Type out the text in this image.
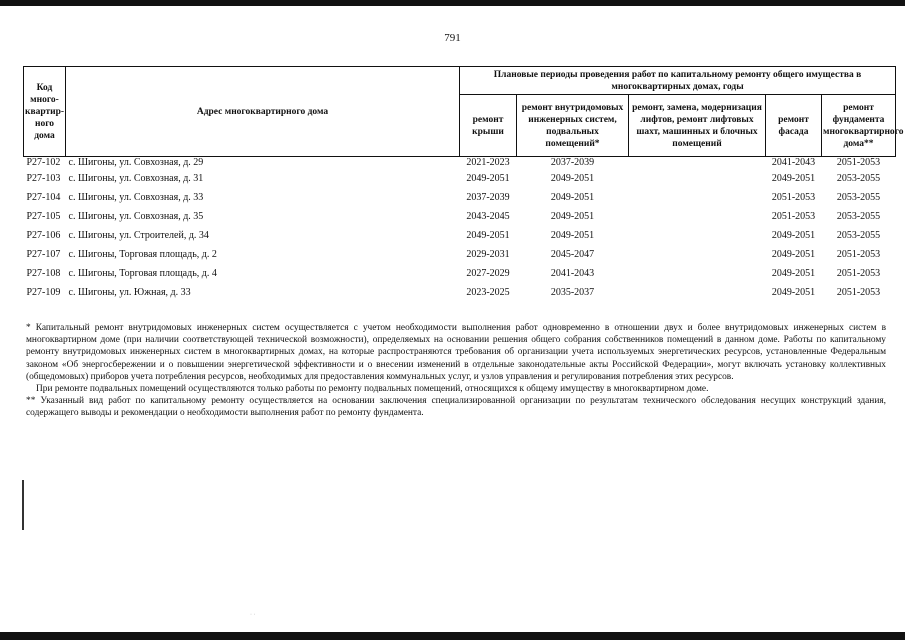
791
Код много-квартир-ного дома	Адрес многоквартирного дома	Плановые периоды проведения работ по капитальному ремонту общего имущества в многоквартирных домах, годы				
		ремонт крыши	ремонт внутридомовых инженерных систем, подвальных помещений*	ремонт, замена, модернизация лифтов, ремонт лифтовых шахт, машинных и блочных помещений	ремонт фасада	ремонт фундамента многоквартирного дома**
Р27-102	с. Шигоны, ул. Совхозная, д. 29	2021-2023	2037-2039		2041-2043	2051-2053
Р27-103	с. Шигоны, ул. Совхозная, д. 31	2049-2051	2049-2051		2049-2051	2053-2055
Р27-104	с. Шигоны, ул. Совхозная, д. 33	2037-2039	2049-2051		2051-2053	2053-2055
Р27-105	с. Шигоны, ул. Совхозная, д. 35	2043-2045	2049-2051		2051-2053	2053-2055
Р27-106	с. Шигоны, ул. Строителей, д. 34	2049-2051	2049-2051		2049-2051	2053-2055
Р27-107	с. Шигоны, Торговая площадь, д. 2	2029-2031	2045-2047		2049-2051	2051-2053
Р27-108	с. Шигоны, Торговая площадь, д. 4	2027-2029	2041-2043		2049-2051	2051-2053
Р27-109	с. Шигоны, ул. Южная, д. 33	2023-2025	2035-2037		2049-2051	2051-2053

* Капитальный ремонт внутридомовых инженерных систем осуществляется с учетом необходимости выполнения работ одновременно в отношении двух и более внутридомовых инженерных систем в многоквартирном доме (при наличии соответствующей технической возможности), определяемых на основании решения общего собрания собственников помещений в данном доме. Работы по капитальному ремонту внутридомовых инженерных систем в многоквартирных домах, на которые распространяются требования об организации учета используемых энергетических ресурсов, установленные Федеральным законом «Об энергосбережении и о повышении энергетической эффективности и о внесении изменений в отдельные законодательные акты Российской Федерации», могут включать установку коллективных (общедомовых) приборов учета потребления ресурсов, необходимых для предоставления коммунальных услуг, и узлов управления и регулирования потребления этих ресурсов.

При ремонте подвальных помещений осуществляются только работы по ремонту подвальных помещений, относящихся к общему имуществу в многоквартирном доме.

** Указанный вид работ по капитальному ремонту осуществляется на основании заключения специализированной организации по результатам технического обследования несущих конструкций здания, содержащего выводы и рекомендации о необходимости выполнения работ по ремонту фундамента.

· ·
